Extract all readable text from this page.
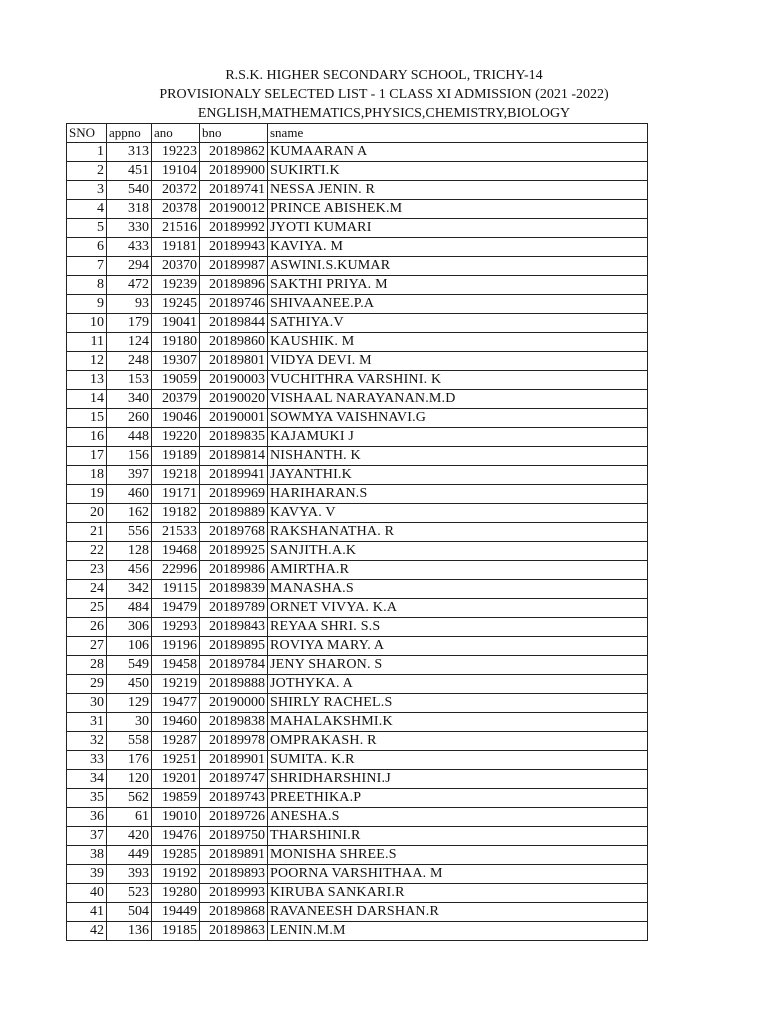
R.S.K. HIGHER SECONDARY SCHOOL, TRICHY-14
PROVISIONALY SELECTED LIST - 1 CLASS XI ADMISSION (2021 -2022)
ENGLISH,MATHEMATICS,PHYSICS,CHEMISTRY,BIOLOGY
SNO	appno	ano	bno	sname
1	313	19223	20189862	KUMAARAN A
2	451	19104	20189900	SUKIRTI.K
3	540	20372	20189741	NESSA JENIN. R
4	318	20378	20190012	PRINCE ABISHEK.M
5	330	21516	20189992	JYOTI KUMARI
6	433	19181	20189943	KAVIYA. M
7	294	20370	20189987	ASWINI.S.KUMAR
8	472	19239	20189896	SAKTHI PRIYA. M
9	93	19245	20189746	SHIVAANEE.P.A
10	179	19041	20189844	SATHIYA.V
11	124	19180	20189860	KAUSHIK. M
12	248	19307	20189801	VIDYA DEVI. M
13	153	19059	20190003	VUCHITHRA VARSHINI. K
14	340	20379	20190020	VISHAAL NARAYANAN.M.D
15	260	19046	20190001	SOWMYA VAISHNAVI.G
16	448	19220	20189835	KAJAMUKI J
17	156	19189	20189814	NISHANTH. K
18	397	19218	20189941	JAYANTHI.K
19	460	19171	20189969	HARIHARAN.S
20	162	19182	20189889	KAVYA. V
21	556	21533	20189768	RAKSHANATHA. R
22	128	19468	20189925	SANJITH.A.K
23	456	22996	20189986	AMIRTHA.R
24	342	19115	20189839	MANASHA.S
25	484	19479	20189789	ORNET VIVYA. K.A
26	306	19293	20189843	REYAA SHRI. S.S
27	106	19196	20189895	ROVIYA MARY. A
28	549	19458	20189784	JENY SHARON. S
29	450	19219	20189888	JOTHYKA. A
30	129	19477	20190000	SHIRLY RACHEL.S
31	30	19460	20189838	MAHALAKSHMI.K
32	558	19287	20189978	OMPRAKASH. R
33	176	19251	20189901	SUMITA. K.R
34	120	19201	20189747	SHRIDHARSHINI.J
35	562	19859	20189743	PREETHIKA.P
36	61	19010	20189726	ANESHA.S
37	420	19476	20189750	THARSHINI.R
38	449	19285	20189891	MONISHA SHREE.S
39	393	19192	20189893	POORNA VARSHITHAA. M
40	523	19280	20189993	KIRUBA SANKARI.R
41	504	19449	20189868	RAVANEESH DARSHAN.R
42	136	19185	20189863	LENIN.M.M
